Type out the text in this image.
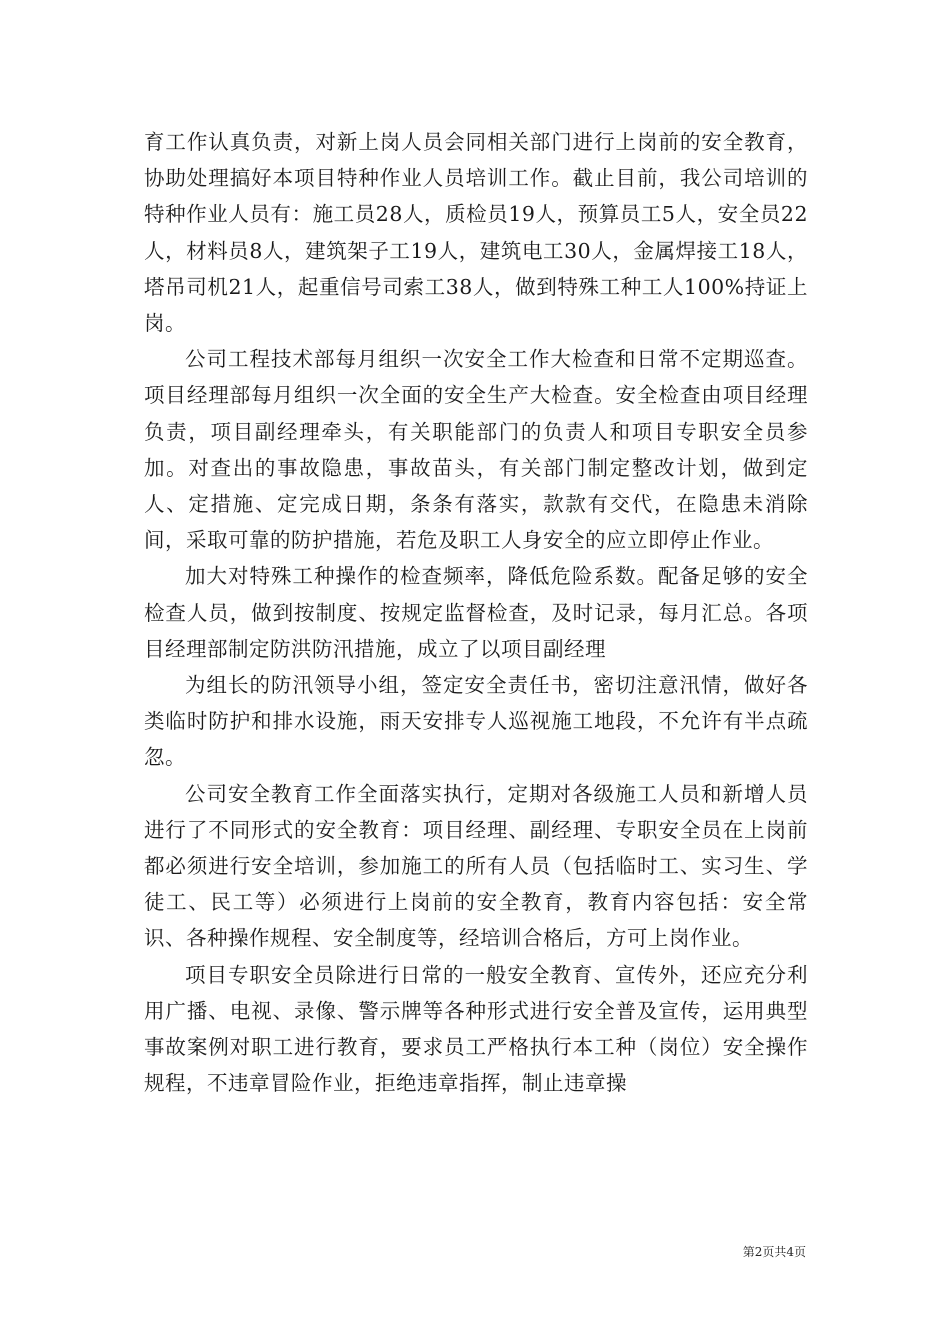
育工作认真负责，对新上岗人员会同相关部门进行上岗前的安全教育，协助处理搞好本项目特种作业人员培训工作。截止目前，我公司培训的特种作业人员有：施工员28人，质检员19人，预算员工5人，安全员22人，材料员8人，建筑架子工19人，建筑电工30人，金属焊接工18人，塔吊司机21人，起重信号司索工38人，做到特殊工种工人100%持证上岗。

公司工程技术部每月组织一次安全工作大检查和日常不定期巡查。项目经理部每月组织一次全面的安全生产大检查。安全检查由项目经理负责，项目副经理牵头，有关职能部门的负责人和项目专职安全员参加。对查出的事故隐患，事故苗头，有关部门制定整改计划，做到定人、定措施、定完成日期，条条有落实，款款有交代，在隐患未消除间，采取可靠的防护措施，若危及职工人身安全的应立即停止作业。

加大对特殊工种操作的检查频率，降低危险系数。配备足够的安全检查人员，做到按制度、按规定监督检查，及时记录，每月汇总。各项目经理部制定防洪防汛措施，成立了以项目副经理

为组长的防汛领导小组，签定安全责任书，密切注意汛情，做好各类临时防护和排水设施，雨天安排专人巡视施工地段，不允许有半点疏忽。

公司安全教育工作全面落实执行，定期对各级施工人员和新增人员进行了不同形式的安全教育：项目经理、副经理、专职安全员在上岗前都必须进行安全培训，参加施工的所有人员（包括临时工、实习生、学徒工、民工等）必须进行上岗前的安全教育，教育内容包括：安全常识、各种操作规程、安全制度等，经培训合格后，方可上岗作业。

项目专职安全员除进行日常的一般安全教育、宣传外，还应充分利用广播、电视、录像、警示牌等各种形式进行安全普及宣传，运用典型事故案例对职工进行教育，要求员工严格执行本工种（岗位）安全操作规程，不违章冒险作业，拒绝违章指挥，制止违章操

第2页共4页
